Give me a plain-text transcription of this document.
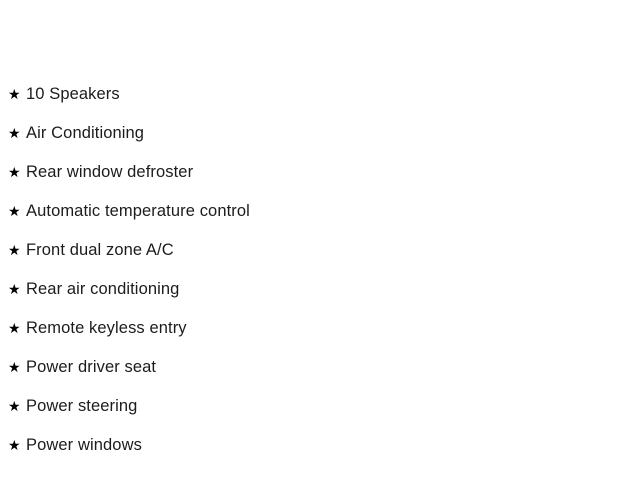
★ 10 Speakers
★ Air Conditioning
★ Rear window defroster
★ Automatic temperature control
★ Front dual zone A/C
★ Rear air conditioning
★ Remote keyless entry
★ Power driver seat
★ Power steering
★ Power windows
